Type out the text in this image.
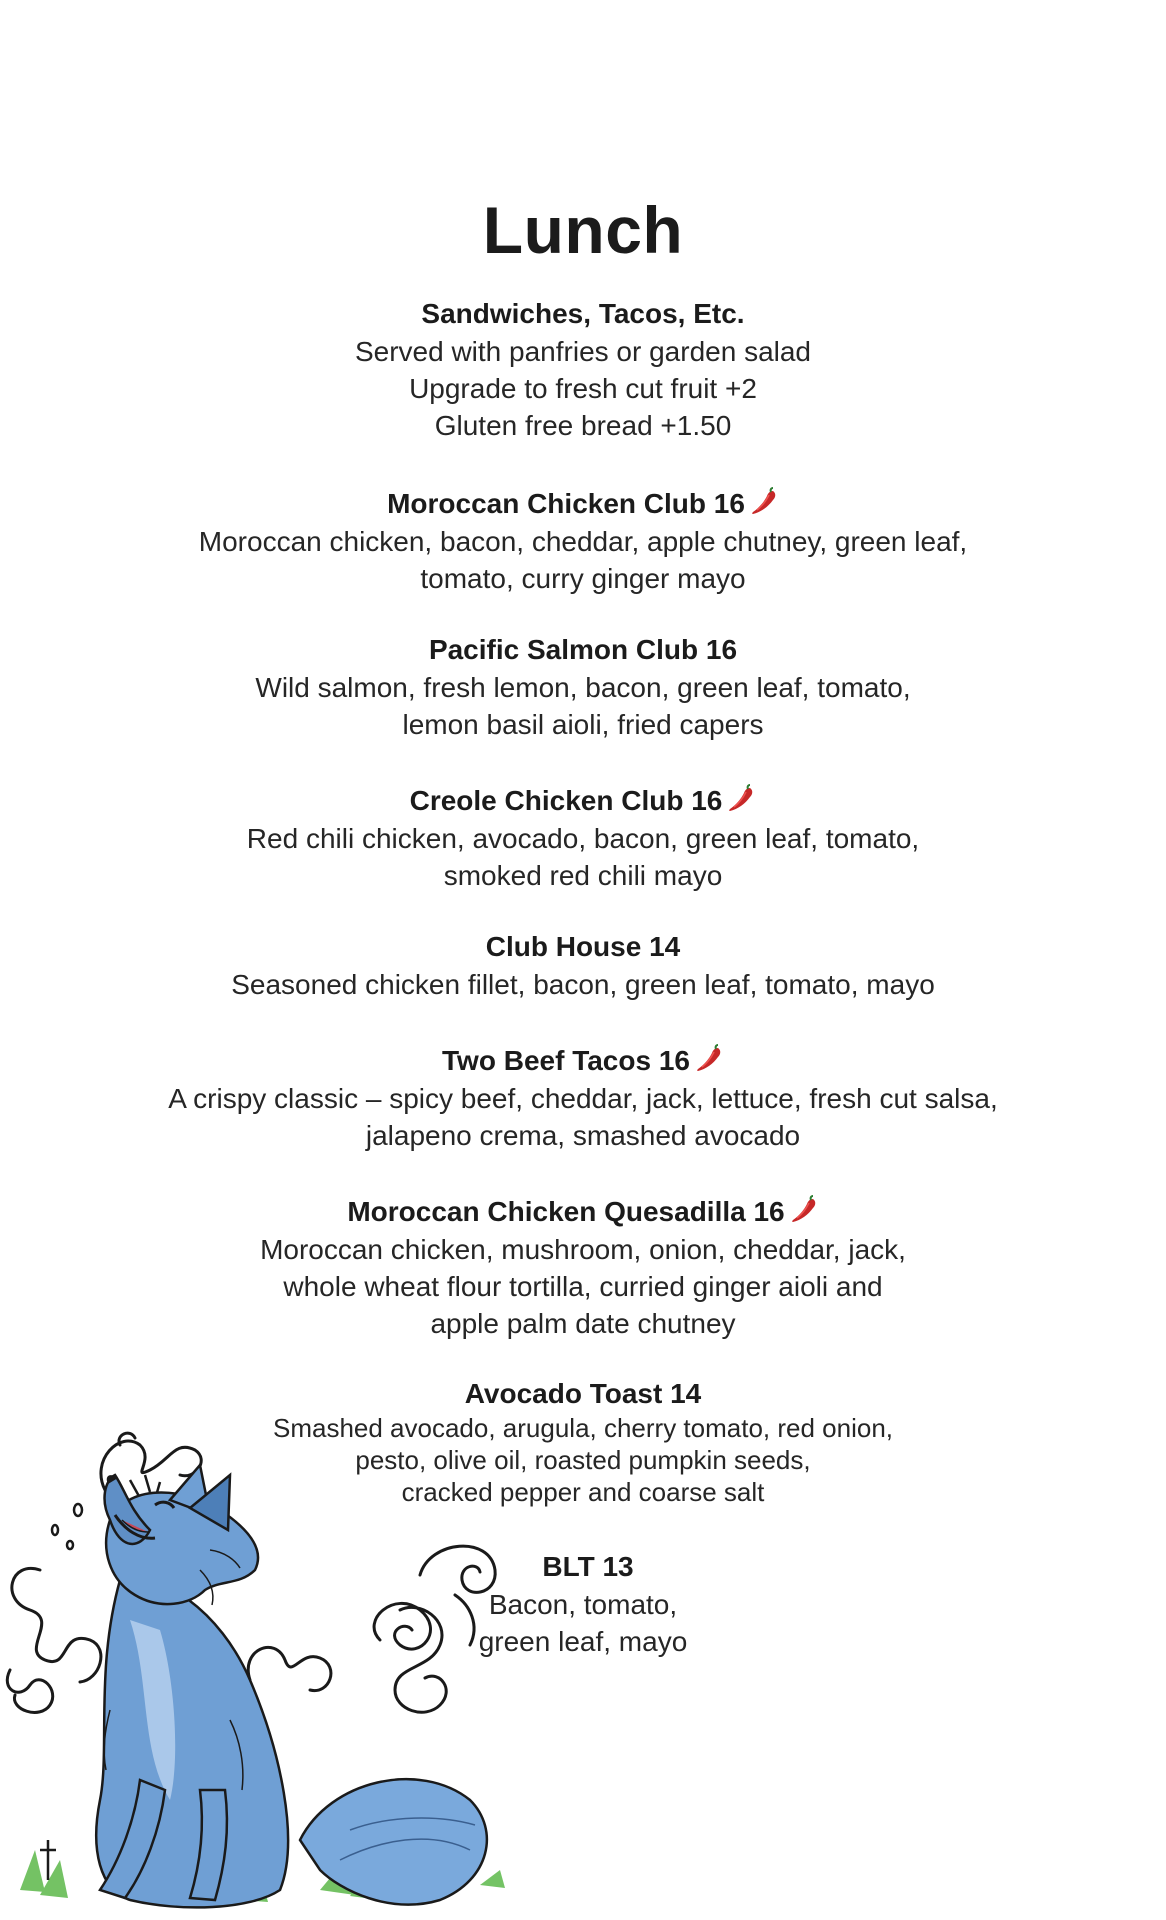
Lunch
Sandwiches, Tacos, Etc.
Served with panfries or garden salad
Upgrade to fresh cut fruit +2
Gluten free bread +1.50
Moroccan Chicken Club 16
Moroccan chicken, bacon, cheddar, apple chutney, green leaf,
tomato, curry ginger mayo
Pacific Salmon Club 16
Wild salmon, fresh lemon, bacon, green leaf, tomato,
lemon basil aioli, fried capers
Creole Chicken Club 16
Red chili chicken, avocado, bacon, green leaf, tomato,
smoked red chili mayo
Club House 14
Seasoned chicken fillet, bacon, green leaf, tomato, mayo
Two Beef Tacos 16
A crispy classic – spicy beef, cheddar, jack, lettuce, fresh cut salsa,
jalapeno crema, smashed avocado
Moroccan Chicken Quesadilla 16
Moroccan chicken, mushroom, onion, cheddar, jack,
whole wheat flour tortilla, curried ginger aioli and
apple palm date chutney
Avocado Toast 14
Smashed avocado, arugula, cherry tomato, red onion,
pesto, olive oil, roasted pumpkin seeds,
cracked pepper and coarse salt
BLT 13
Bacon, tomato,
green leaf, mayo
